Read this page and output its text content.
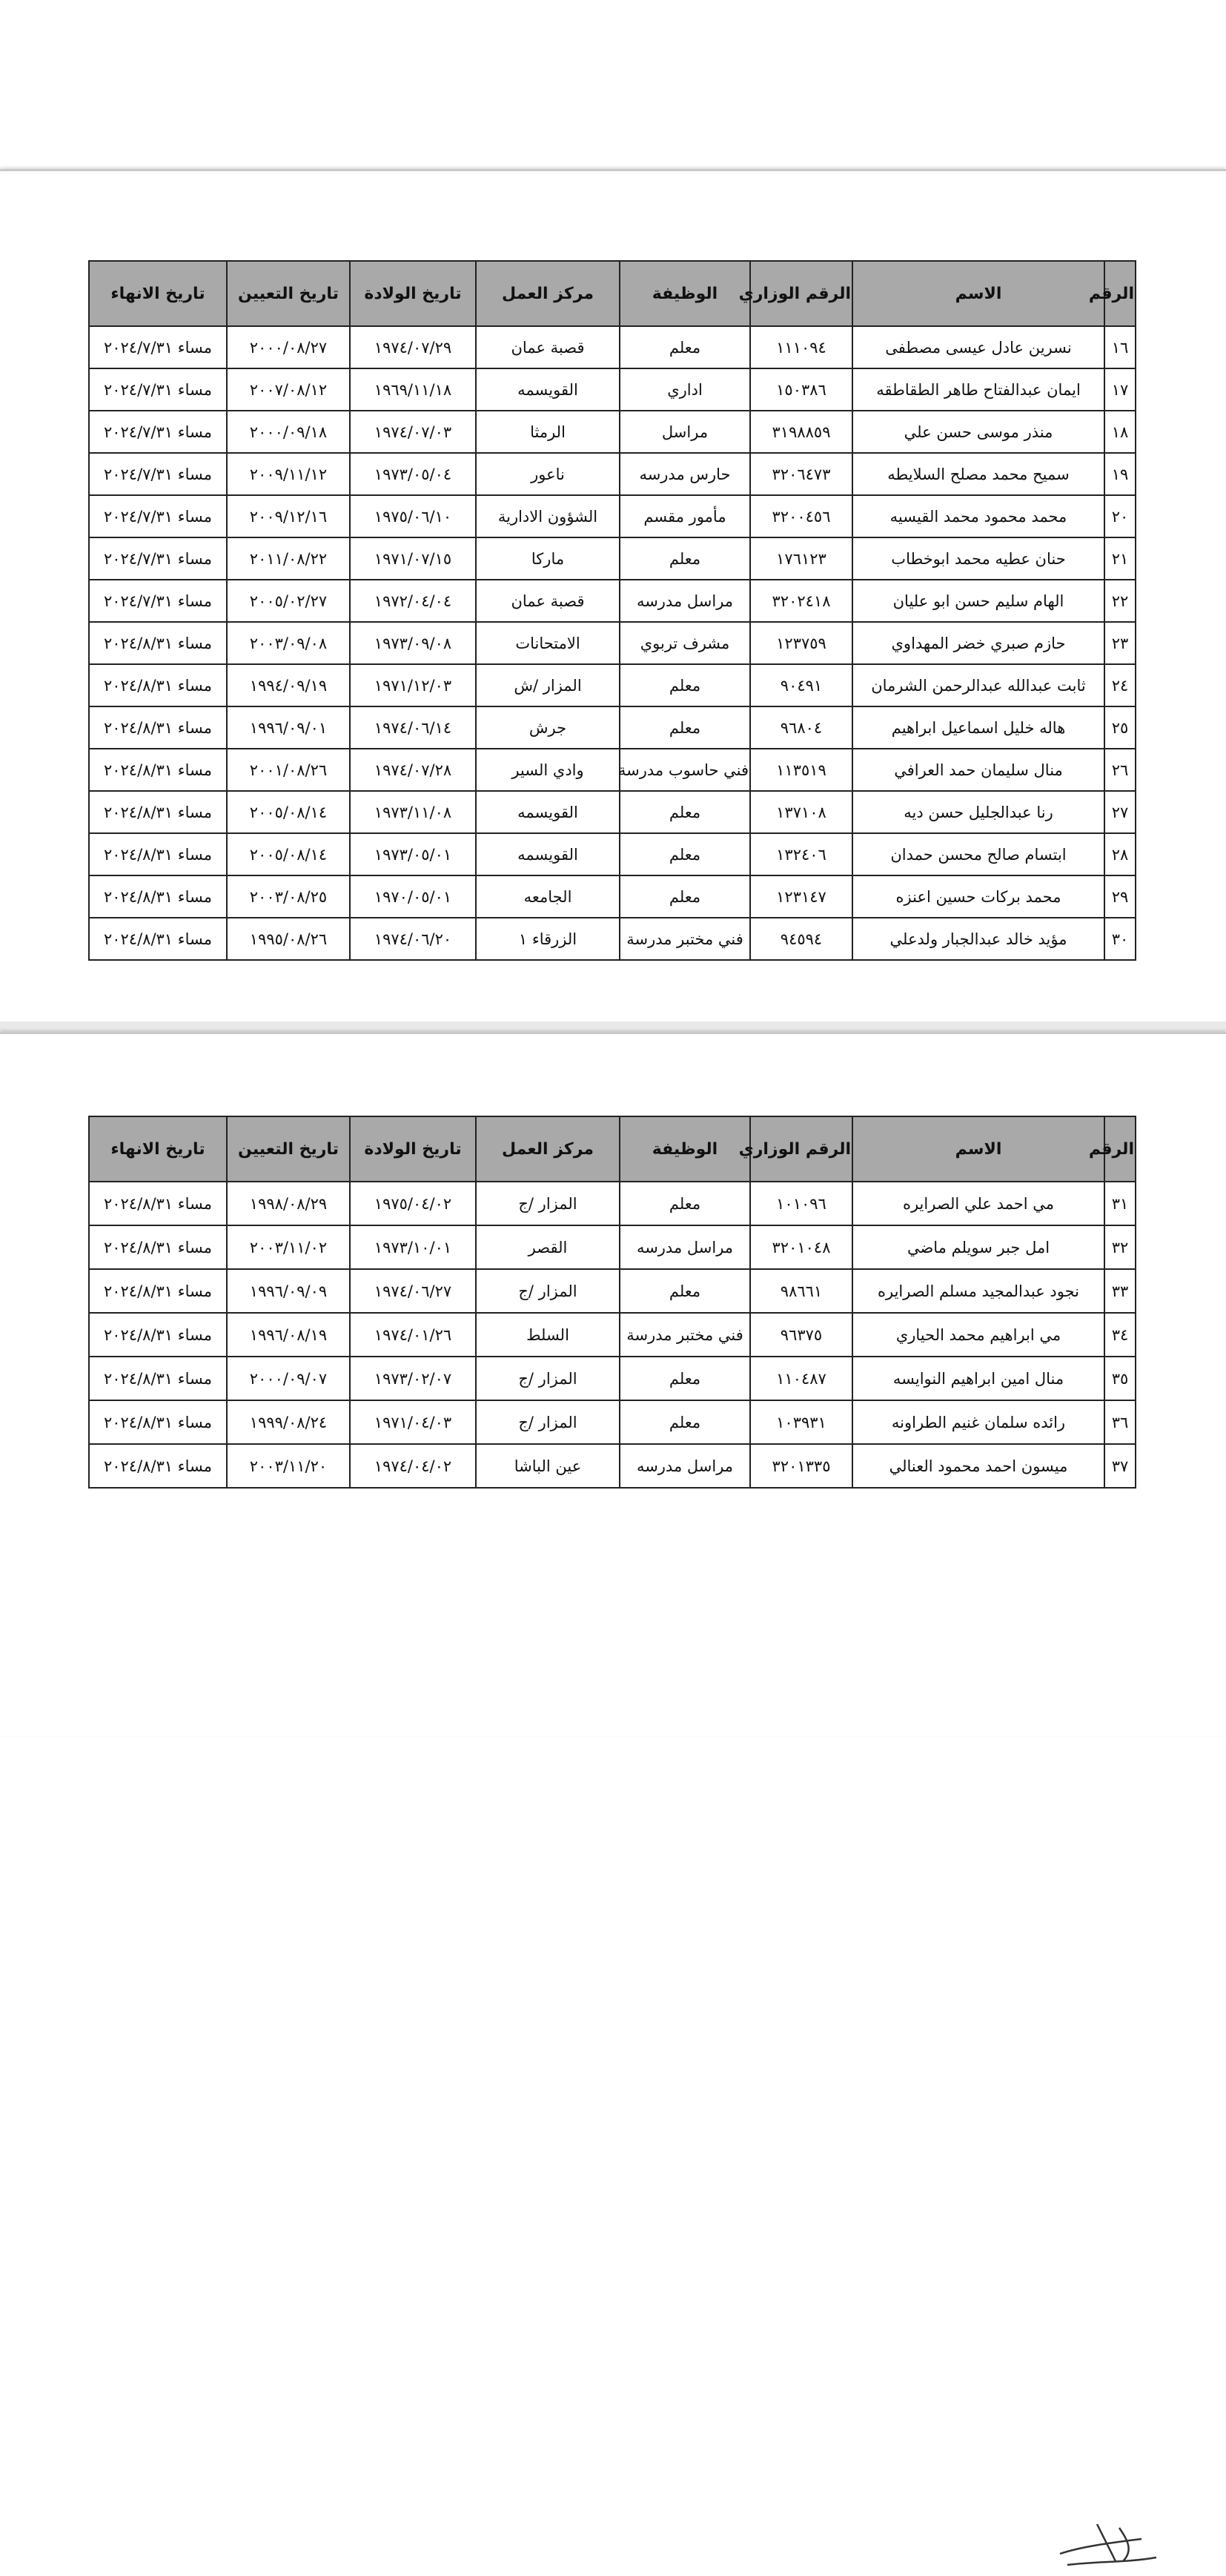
الرقم	الاسم	الرقم الوزاري	الوظيفة	مركز العمل	تاريخ الولادة	تاريخ التعيين	تاريخ الانهاء
١٦	نسرين عادل عيسى مصطفى	١١١٠٩٤	معلم	قصبة عمان	١٩٧٤/٠٧/٢٩	٢٠٠٠/٠٨/٢٧	مساء ٢٠٢٤/٧/٣١
١٧	ايمان عبدالفتاح طاهر الطقاطقه	١٥٠٣٨٦	اداري	القويسمه	١٩٦٩/١١/١٨	٢٠٠٧/٠٨/١٢	مساء ٢٠٢٤/٧/٣١
١٨	منذر موسى حسن علي	٣١٩٨٨٥٩	مراسل	الرمثا	١٩٧٤/٠٧/٠٣	٢٠٠٠/٠٩/١٨	مساء ٢٠٢٤/٧/٣١
١٩	سميح محمد مصلح السلايطه	٣٢٠٦٤٧٣	حارس مدرسه	ناعور	١٩٧٣/٠٥/٠٤	٢٠٠٩/١١/١٢	مساء ٢٠٢٤/٧/٣١
٢٠	محمد محمود محمد القيسيه	٣٢٠٠٤٥٦	مأمور مقسم	الشؤون الادارية	١٩٧٥/٠٦/١٠	٢٠٠٩/١٢/١٦	مساء ٢٠٢٤/٧/٣١
٢١	حنان عطيه محمد ابوخطاب	١٧٦١٢٣	معلم	ماركا	١٩٧١/٠٧/١٥	٢٠١١/٠٨/٢٢	مساء ٢٠٢٤/٧/٣١
٢٢	الهام سليم حسن ابو عليان	٣٢٠٢٤١٨	مراسل مدرسه	قصبة عمان	١٩٧٢/٠٤/٠٤	٢٠٠٥/٠٢/٢٧	مساء ٢٠٢٤/٧/٣١
٢٣	حازم صبري خضر المهداوي	١٢٣٧٥٩	مشرف تربوي	الامتحانات	١٩٧٣/٠٩/٠٨	٢٠٠٣/٠٩/٠٨	مساء ٢٠٢٤/٨/٣١
٢٤	ثابت عبدالله عبدالرحمن الشرمان	٩٠٤٩١	معلم	المزار /ش	١٩٧١/١٢/٠٣	١٩٩٤/٠٩/١٩	مساء ٢٠٢٤/٨/٣١
٢٥	هاله خليل اسماعيل ابراهيم	٩٦٨٠٤	معلم	جرش	١٩٧٤/٠٦/١٤	١٩٩٦/٠٩/٠١	مساء ٢٠٢٤/٨/٣١
٢٦	منال سليمان حمد العرافي	١١٣٥١٩	فني حاسوب مدرسة	وادي السير	١٩٧٤/٠٧/٢٨	٢٠٠١/٠٨/٢٦	مساء ٢٠٢٤/٨/٣١
٢٧	رنا عبدالجليل حسن ديه	١٣٧١٠٨	معلم	القويسمه	١٩٧٣/١١/٠٨	٢٠٠٥/٠٨/١٤	مساء ٢٠٢٤/٨/٣١
٢٨	ابتسام صالح محسن حمدان	١٣٢٤٠٦	معلم	القويسمه	١٩٧٣/٠٥/٠١	٢٠٠٥/٠٨/١٤	مساء ٢٠٢٤/٨/٣١
٢٩	محمد بركات حسين اعنزه	١٢٣١٤٧	معلم	الجامعه	١٩٧٠/٠٥/٠١	٢٠٠٣/٠٨/٢٥	مساء ٢٠٢٤/٨/٣١
٣٠	مؤيد خالد عبدالجبار ولدعلي	٩٤٥٩٤	فني مختبر مدرسة	الزرقاء ١	١٩٧٤/٠٦/٢٠	١٩٩٥/٠٨/٢٦	مساء ٢٠٢٤/٨/٣١
الرقم	الاسم	الرقم الوزاري	الوظيفة	مركز العمل	تاريخ الولادة	تاريخ التعيين	تاريخ الانهاء
٣١	مي احمد علي الصرايره	١٠١٠٩٦	معلم	المزار /ج	١٩٧٥/٠٤/٠٢	١٩٩٨/٠٨/٢٩	مساء ٢٠٢٤/٨/٣١
٣٢	امل جبر سويلم ماضي	٣٢٠١٠٤٨	مراسل مدرسه	القصر	١٩٧٣/١٠/٠١	٢٠٠٣/١١/٠٢	مساء ٢٠٢٤/٨/٣١
٣٣	نجود عبدالمجيد مسلم الصرايره	٩٨٦٦١	معلم	المزار /ج	١٩٧٤/٠٦/٢٧	١٩٩٦/٠٩/٠٩	مساء ٢٠٢٤/٨/٣١
٣٤	مي ابراهيم محمد الحياري	٩٦٣٧٥	فني مختبر مدرسة	السلط	١٩٧٤/٠١/٢٦	١٩٩٦/٠٨/١٩	مساء ٢٠٢٤/٨/٣١
٣٥	منال امين ابراهيم النوايسه	١١٠٤٨٧	معلم	المزار /ج	١٩٧٣/٠٢/٠٧	٢٠٠٠/٠٩/٠٧	مساء ٢٠٢٤/٨/٣١
٣٦	رائده سلمان غنيم الطراونه	١٠٣٩٣١	معلم	المزار /ج	١٩٧١/٠٤/٠٣	١٩٩٩/٠٨/٢٤	مساء ٢٠٢٤/٨/٣١
٣٧	ميسون احمد محمود العنالي	٣٢٠١٣٣٥	مراسل مدرسه	عين الباشا	١٩٧٤/٠٤/٠٢	٢٠٠٣/١١/٢٠	مساء ٢٠٢٤/٨/٣١
